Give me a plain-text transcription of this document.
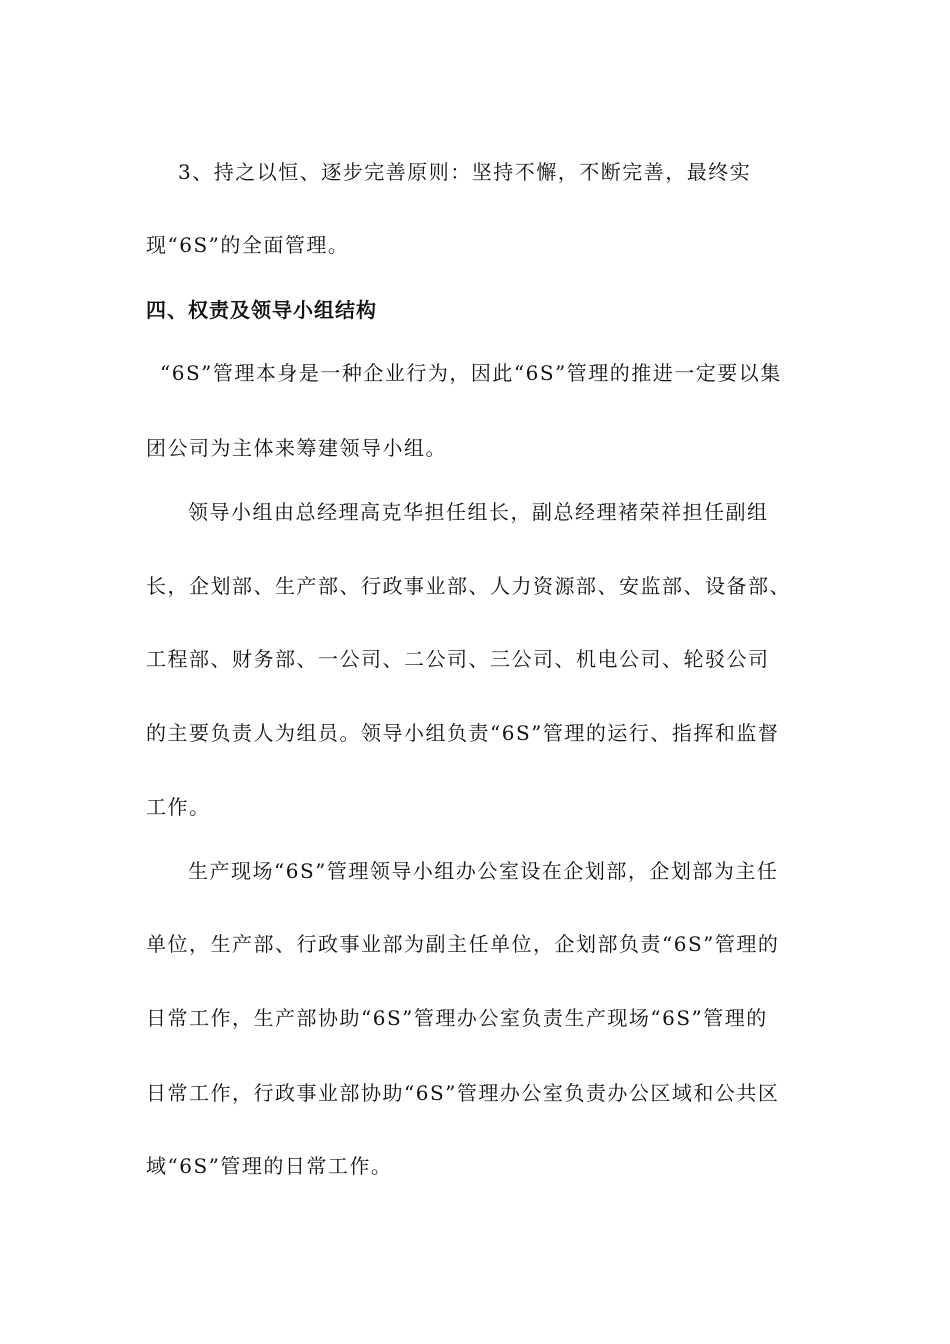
3、持之以恒、逐步完善原则：坚持不懈，不断完善，最终实

现“6S”的全面管理。

四、权责及领导小组结构

“6S”管理本身是一种企业行为，因此“6S”管理的推进一定要以集

团公司为主体来筹建领导小组。

领导小组由总经理高克华担任组长，副总经理褚荣祥担任副组

长，企划部、生产部、行政事业部、人力资源部、安监部、设备部、

工程部、财务部、一公司、二公司、三公司、机电公司、轮驳公司

的主要负责人为组员。领导小组负责“6S”管理的运行、指挥和监督

工作。

生产现场“6S”管理领导小组办公室设在企划部，企划部为主任

单位，生产部、行政事业部为副主任单位，企划部负责“6S”管理的

日常工作，生产部协助“6S”管理办公室负责生产现场“6S”管理的

日常工作，行政事业部协助“6S”管理办公室负责办公区域和公共区

域“6S”管理的日常工作。
